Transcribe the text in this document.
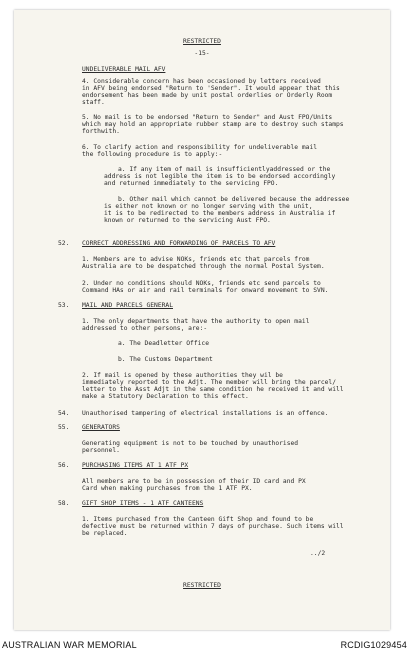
RESTRICTED
-15-
UNDELIVERABLE MAIL AFV
4. Considerable concern has been occasioned by letters received
in AFV being endorsed "Return to 'Sender". It would appear that this
endorsement has been made by unit postal orderlies or Orderly Room
staff.
5. No mail is to be endorsed "Return to Sender" and Aust FPO/Units
which may hold an appropriate rubber stamp are to destroy such stamps
forthwith.
6. To clarify action and responsibility for undeliverable mail
the following procedure is to apply:-
a. If any item of mail is insufficientlyaddressed or the
address is not legible the item is to be endorsed accordingly
and returned immediately to the servicing FPO.
b. Other mail which cannot be delivered because the addressee
is either not known or no longer serving with the unit,
it is to be redirected to the members address in Australia if
known or returned to the servicing Aust FPO.
52. CORRECT ADDRESSING AND FORWARDING OF PARCELS TO AFV
1. Members are to advise NOKs, friends etc that parcels from
Australia are to be despatched through the normal Postal System.
2. Under no conditions should NOKs, friends etc send parcels to
Command HAs or air and rail terminals for onward movement to SVN.
53. MAIL AND PARCELS GENERAL
1. The only departments that have the authority to open mail
addressed to other persons, are:-
a. The Deadletter Office
b. The Customs Department
2. If mail is opened by these authorities they wil be
immediately reported to the Adjt. The member will bring the parcel/
letter to the Asst Adjt in the same condition he received it and will
make a Statutory Declaration to this effect.
54. Unauthorised tampering of electrical installations is an offence.
55. GENERATORS
Generating equipment is not to be touched by unauthorised
personnel.
56. PURCHASING ITEMS AT 1 ATF PX
All members are to be in possession of their ID card and PX
Card when making purchases from the 1 ATF PX.
58. GIFT SHOP ITEMS - 1 ATF CANTEENS
1. Items purchased from the Canteen Gift Shop and found to be
defective must be returned within 7 days of purchase. Such items will
be replaced.
../2
RESTRICTED
AUSTRALIAN WAR MEMORIAL	RCDIG1029454
